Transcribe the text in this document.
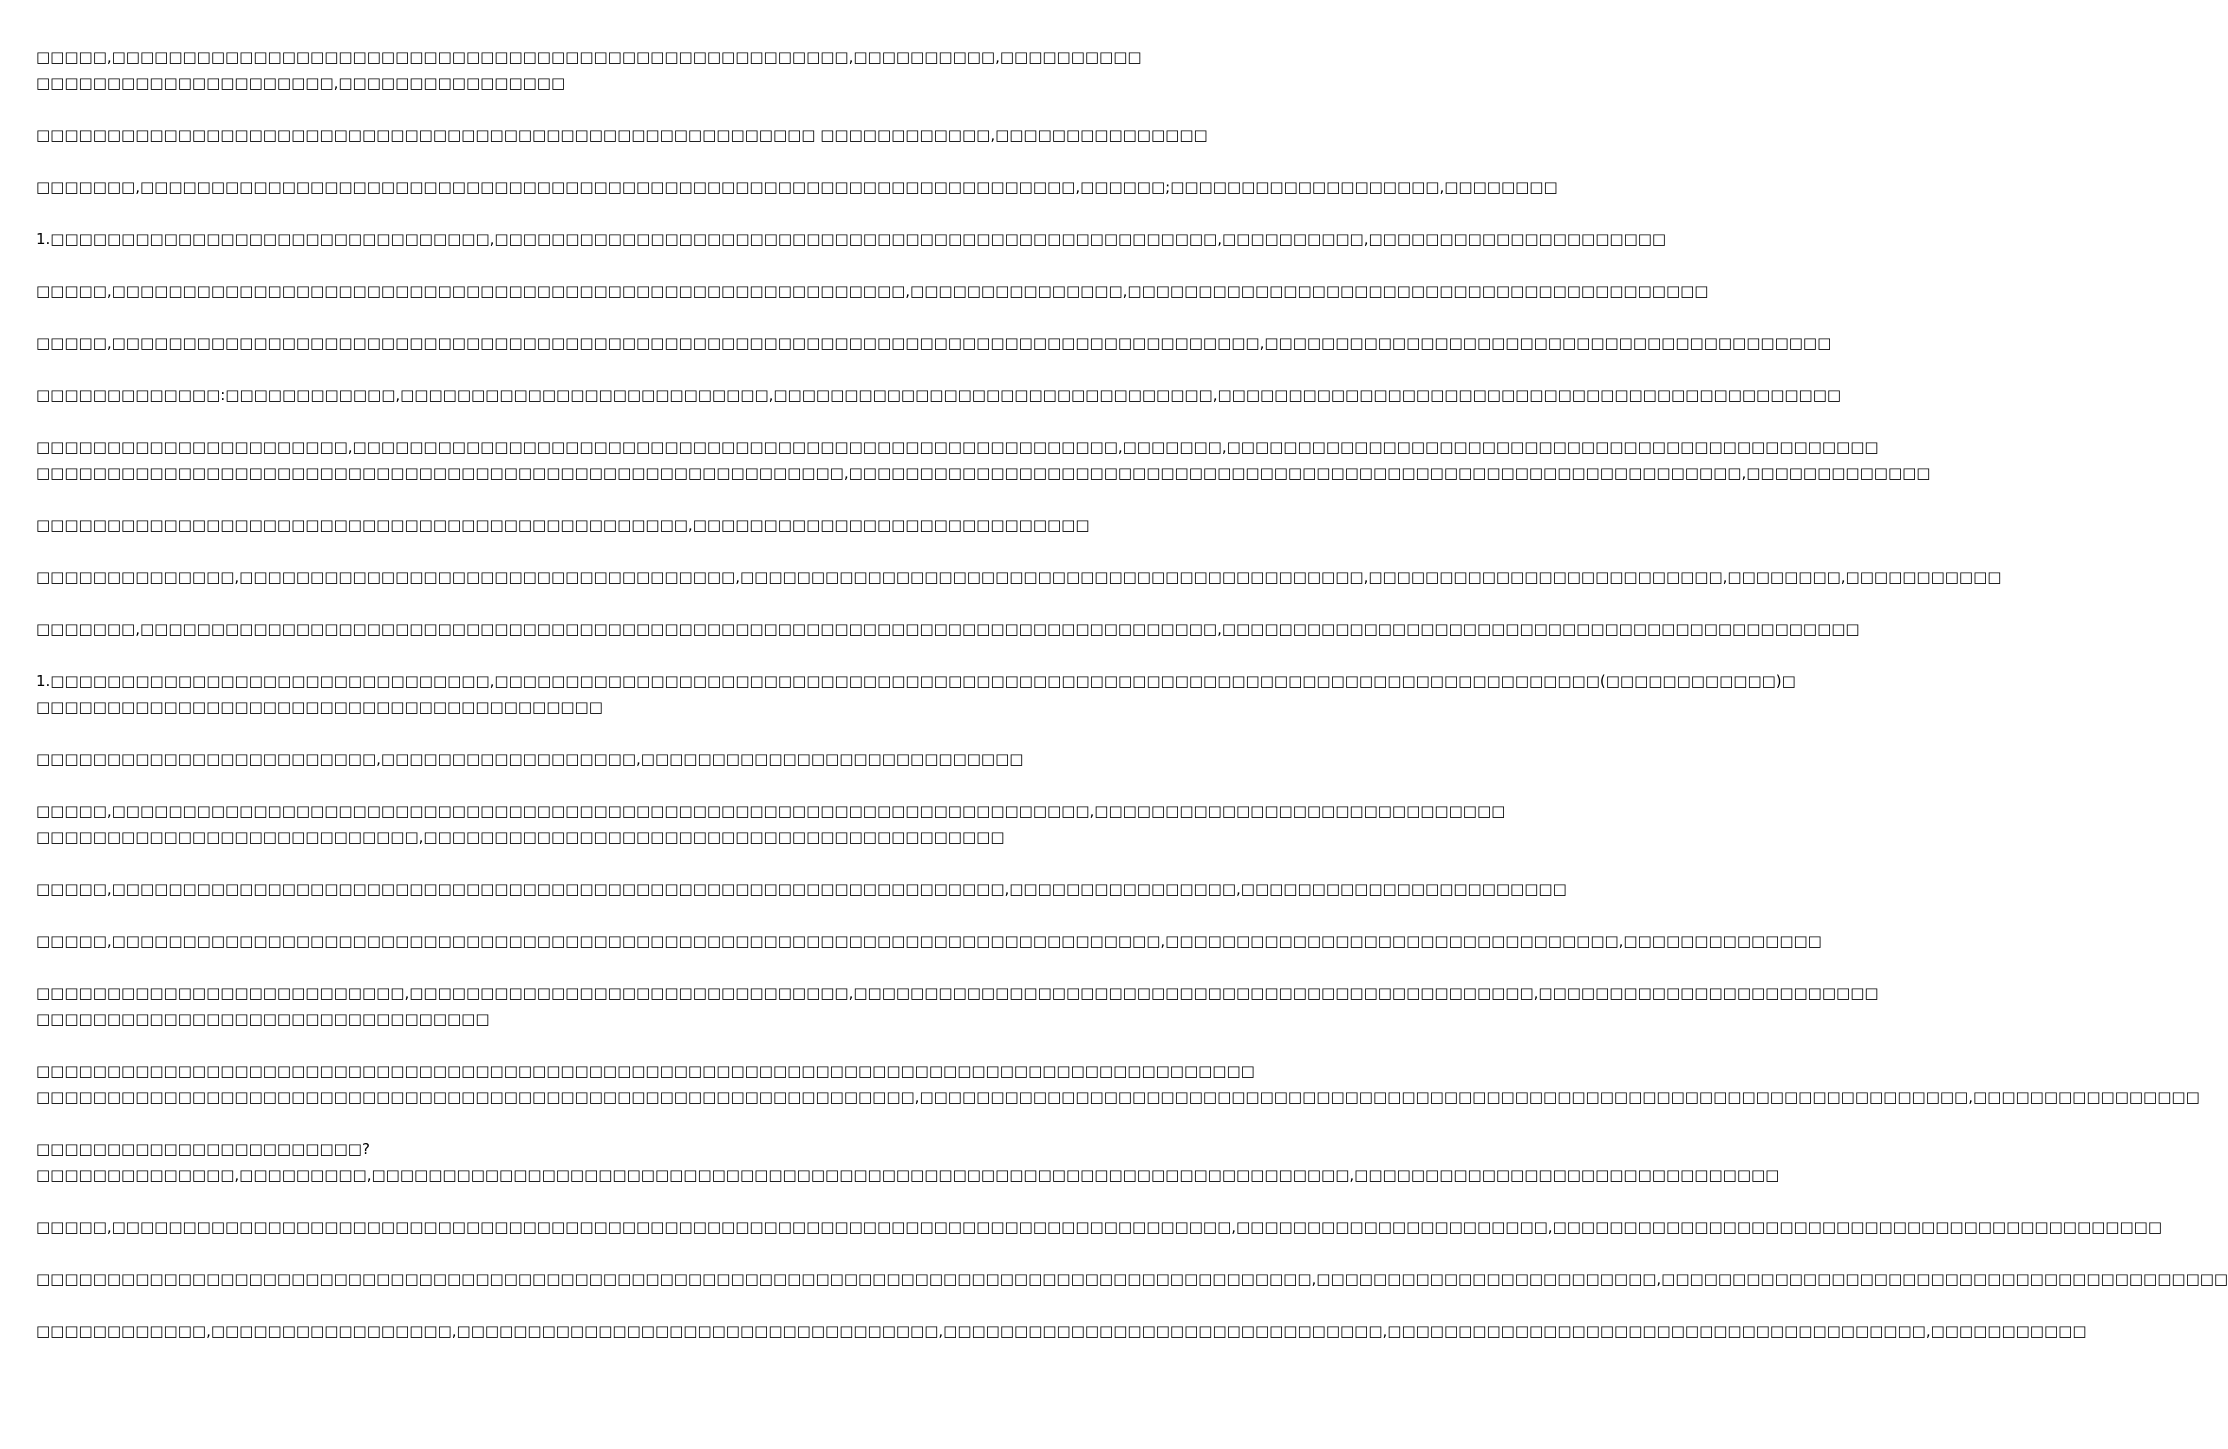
□□□□□,□□□□□□□□□□□□□□□□□□□□□□□□□□□□□□□□□□□□□□□□□□□□□□□□□□□□,□□□□□□□□□□,□□□□□□□□□□
□□□□□□□□□□□□□□□□□□□□□,□□□□□□□□□□□□□□□□

□□□□□□□□□□□□□□□□□□□□□□□□□□□□□□□□□□□□□□□□□□□□□□□□□□□□□□□ □□□□□□□□□□□□,□□□□□□□□□□□□□□□

□□□□□□□,□□□□□□□□□□□□□□□□□□□□□□□□□□□□□□□□□□□□□□□□□□□□□□□□□□□□□□□□□□□□□□□□□□,□□□□□□;□□□□□□□□□□□□□□□□□□□,□□□□□□□□

1.□□□□□□□□□□□□□□□□□□□□□□□□□□□□□□□,□□□□□□□□□□□□□□□□□□□□□□□□□□□□□□□□□□□□□□□□□□□□□□□□□□□,□□□□□□□□□□,□□□□□□□□□□□□□□□□□□□□□

□□□□□,□□□□□□□□□□□□□□□□□□□□□□□□□□□□□□□□□□□□□□□□□□□□□□□□□□□□□□□□,□□□□□□□□□□□□□□□,□□□□□□□□□□□□□□□□□□□□□□□□□□□□□□□□□□□□□□□□□

□□□□□,□□□□□□□□□□□□□□□□□□□□□□□□□□□□□□□□□□□□□□□□□□□□□□□□□□□□□□□□□□□□□□□□□□□□□□□□□□□□□□□□□,□□□□□□□□□□□□□□□□□□□□□□□□□□□□□□□□□□□□□□□□

□□□□□□□□□□□□□:□□□□□□□□□□□□,□□□□□□□□□□□□□□□□□□□□□□□□□□,□□□□□□□□□□□□□□□□□□□□□□□□□□□□□□□,□□□□□□□□□□□□□□□□□□□□□□□□□□□□□□□□□□□□□□□□□□□□

□□□□□□□□□□□□□□□□□□□□□□,□□□□□□□□□□□□□□□□□□□□□□□□□□□□□□□□□□□□□□□□□□□□□□□□□□□□□□,□□□□□□□,□□□□□□□□□□□□□□□□□□□□□□□□□□□□□□□□□□□□□□□□□□□□□□
□□□□□□□□□□□□□□□□□□□□□□□□□□□□□□□□□□□□□□□□□□□□□□□□□□□□□□□□□,□□□□□□□□□□□□□□□□□□□□□□□□□□□□□□□□□□□□□□□□□□□□□□□□□□□□□□□□□□□□□□□,□□□□□□□□□□□□□

□□□□□□□□□□□□□□□□□□□□□□□□□□□□□□□□□□□□□□□□□□□□□□,□□□□□□□□□□□□□□□□□□□□□□□□□□□□

□□□□□□□□□□□□□□,□□□□□□□□□□□□□□□□□□□□□□□□□□□□□□□□□□□,□□□□□□□□□□□□□□□□□□□□□□□□□□□□□□□□□□□□□□□□□□□□,□□□□□□□□□□□□□□□□□□□□□□□□□,□□□□□□□□,□□□□□□□□□□□

□□□□□□□,□□□□□□□□□□□□□□□□□□□□□□□□□□□□□□□□□□□□□□□□□□□□□□□□□□□□□□□□□□□□□□□□□□□□□□□□□□□□,□□□□□□□□□□□□□□□□□□□□□□□□□□□□□□□□□□□□□□□□□□□□□

1.□□□□□□□□□□□□□□□□□□□□□□□□□□□□□□□,□□□□□□□□□□□□□□□□□□□□□□□□□□□□□□□□□□□□□□□□□□□□□□□□□□□□□□□□□□□□□□□□□□□□□□□□□□□□□□(□□□□□□□□□□□□)□
□□□□□□□□□□□□□□□□□□□□□□□□□□□□□□□□□□□□□□□□

□□□□□□□□□□□□□□□□□□□□□□□□,□□□□□□□□□□□□□□□□□□,□□□□□□□□□□□□□□□□□□□□□□□□□□□

□□□□□,□□□□□□□□□□□□□□□□□□□□□□□□□□□□□□□□□□□□□□□□□□□□□□□□□□□□□□□□□□□□□□□□□□□□□,□□□□□□□□□□□□□□□□□□□□□□□□□□□□□
□□□□□□□□□□□□□□□□□□□□□□□□□□□,□□□□□□□□□□□□□□□□□□□□□□□□□□□□□□□□□□□□□□□□□

□□□□□,□□□□□□□□□□□□□□□□□□□□□□□□□□□□□□□□□□□□□□□□□□□□□□□□□□□□□□□□□□□□□□□,□□□□□□□□□□□□□□□□,□□□□□□□□□□□□□□□□□□□□□□□

□□□□□,□□□□□□□□□□□□□□□□□□□□□□□□□□□□□□□□□□□□□□□□□□□□□□□□□□□□□□□□□□□□□□□□□□□□□□□□□□,□□□□□□□□□□□□□□□□□□□□□□□□□□□□□□□□,□□□□□□□□□□□□□□

□□□□□□□□□□□□□□□□□□□□□□□□□□,□□□□□□□□□□□□□□□□□□□□□□□□□□□□□□□,□□□□□□□□□□□□□□□□□□□□□□□□□□□□□□□□□□□□□□□□□□□□□□□□,□□□□□□□□□□□□□□□□□□□□□□□□
□□□□□□□□□□□□□□□□□□□□□□□□□□□□□□□□

□□□□□□□□□□□□□□□□□□□□□□□□□□□□□□□□□□□□□□□□□□□□□□□□□□□□□□□□□□□□□□□□□□□□□□□□□□□□□□□□□□□□□□
□□□□□□□□□□□□□□□□□□□□□□□□□□□□□□□□□□□□□□□□□□□□□□□□□□□□□□□□□□□□□□,□□□□□□□□□□□□□□□□□□□□□□□□□□□□□□□□□□□□□□□□□□□□□□□□□□□□□□□□□□□□□□□□□□□□□□□□□□,□□□□□□□□□□□□□□□□

□□□□□□□□□□□□□□□□□□□□□□□?
□□□□□□□□□□□□□□,□□□□□□□□□,□□□□□□□□□□□□□□□□□□□□□□□□□□□□□□□□□□□□□□□□□□□□□□□□□□□□□□□□□□□□□□□□□□□□□,□□□□□□□□□□□□□□□□□□□□□□□□□□□□□□

□□□□□,□□□□□□□□□□□□□□□□□□□□□□□□□□□□□□□□□□□□□□□□□□□□□□□□□□□□□□□□□□□□□□□□□□□□□□□□□□□□□□□,□□□□□□□□□□□□□□□□□□□□□□,□□□□□□□□□□□□□□□□□□□□□□□□□□□□□□□□□□□□□□□□□□□

□□□□□□□□□□□□□□□□□□□□□□□□□□□□□□□□□□□□□□□□□□□□□□□□□□□□□□□□□□□□□□□□□□□□□□□□□□□□□□□□□□□□□□□□□□,□□□□□□□□□□□□□□□□□□□□□□□□,□□□□□□□□□□□□□□□□□□□□□□□□□□□□□□□□□□□□□□□□

□□□□□□□□□□□□,□□□□□□□□□□□□□□□□□,□□□□□□□□□□□□□□□□□□□□□□□□□□□□□□□□□□,□□□□□□□□□□□□□□□□□□□□□□□□□□□□□□□,□□□□□□□□□□□□□□□□□□□□□□□□□□□□□□□□□□□□□□,□□□□□□□□□□□
